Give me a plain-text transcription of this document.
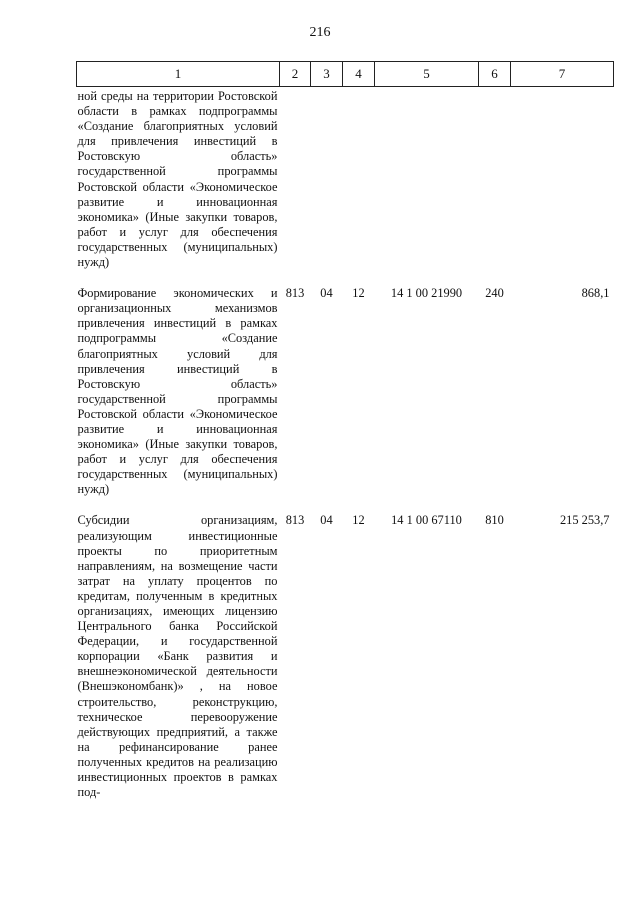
216
1	2	3	4	5	6	7
ной среды на территории Ростовской области в рамках подпрограммы «Создание благоприятных условий для привлечения инвестиций в Ростовскую область» государственной программы Ростовской области «Экономическое развитие и инновационная экономика» (Иные закупки товаров, работ и услуг для обеспечения государственных (муниципальных) нужд)						
Формирование экономических и организационных механизмов привлечения инвестиций в рамках подпрограммы «Создание благоприятных условий для привлечения инвестиций в Ростовскую область» государственной программы Ростовской области «Экономическое развитие и инновационная экономика» (Иные закупки товаров, работ и услуг для обеспечения государственных (муниципальных) нужд)	813	04	12	14 1 00 21990	240	868,1
Субсидии организациям, реализующим инвестиционные проекты по приоритетным направлениям, на возмещение части затрат на уплату процентов по кредитам, полученным в кредитных организациях, имеющих лицензию Центрального банка Российской Федерации, и государственной корпорации «Банк развития и внешнеэкономической деятельности (Внешэкономбанк)» , на новое строительство, реконструкцию, техническое перевооружение действующих предприятий, а также на рефинансирование ранее полученных кредитов на реализацию инвестиционных проектов в рамках под-	813	04	12	14 1 00 67110	810	215 253,7
